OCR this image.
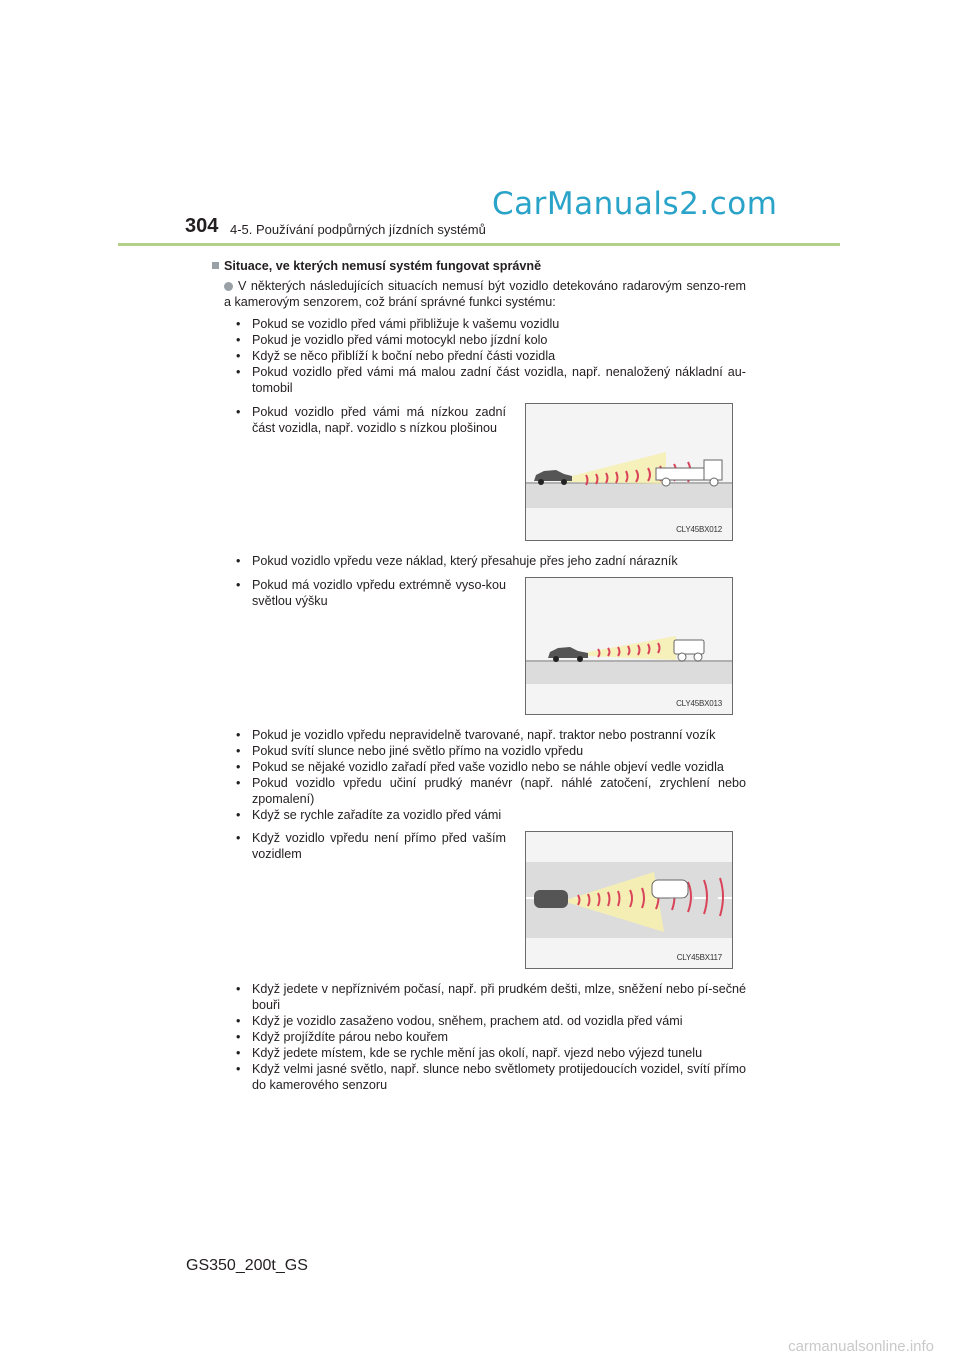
CarManuals2.com
304 4-5. Používání podpůrných jízdních systémů
Situace, ve kterých nemusí systém fungovat správně
V některých následujících situacích nemusí být vozidlo detekováno radarovým senzo-rem a kamerovým senzorem, což brání správné funkci systému:
• Pokud se vozidlo před vámi přibližuje k vašemu vozidlu
• Pokud je vozidlo před vámi motocykl nebo jízdní kolo
• Když se něco přiblíží k boční nebo přední části vozidla
• Pokud vozidlo před vámi má malou zadní část vozidla, např. nenaložený nákladní au-tomobil
• Pokud vozidlo před vámi má nízkou zadní část vozidla, např. vozidlo s nízkou plošinou
CLY45BX012
• Pokud vozidlo vpředu veze náklad, který přesahuje přes jeho zadní nárazník
• Pokud má vozidlo vpředu extrémně vyso-kou světlou výšku
CLY45BX013
• Pokud je vozidlo vpředu nepravidelně tvarované, např. traktor nebo postranní vozík
• Pokud svítí slunce nebo jiné světlo přímo na vozidlo vpředu
• Pokud se nějaké vozidlo zařadí před vaše vozidlo nebo se náhle objeví vedle vozidla
• Pokud vozidlo vpředu učiní prudký manévr (např. náhlé zatočení, zrychlení nebo zpomalení)
• Když se rychle zařadíte za vozidlo před vámi
• Když vozidlo vpředu není přímo před vaším vozidlem
CLY45BX117
• Když jedete v nepříznivém počasí, např. při prudkém dešti, mlze, sněžení nebo pí-sečné bouři
• Když je vozidlo zasaženo vodou, sněhem, prachem atd. od vozidla před vámi
• Když projíždíte párou nebo kouřem
• Když jedete místem, kde se rychle mění jas okolí, např. vjezd nebo výjezd tunelu
• Když velmi jasné světlo, např. slunce nebo světlomety protijedoucích vozidel, svítí přímo do kamerového senzoru
GS350_200t_GS
carmanualsonline.info
